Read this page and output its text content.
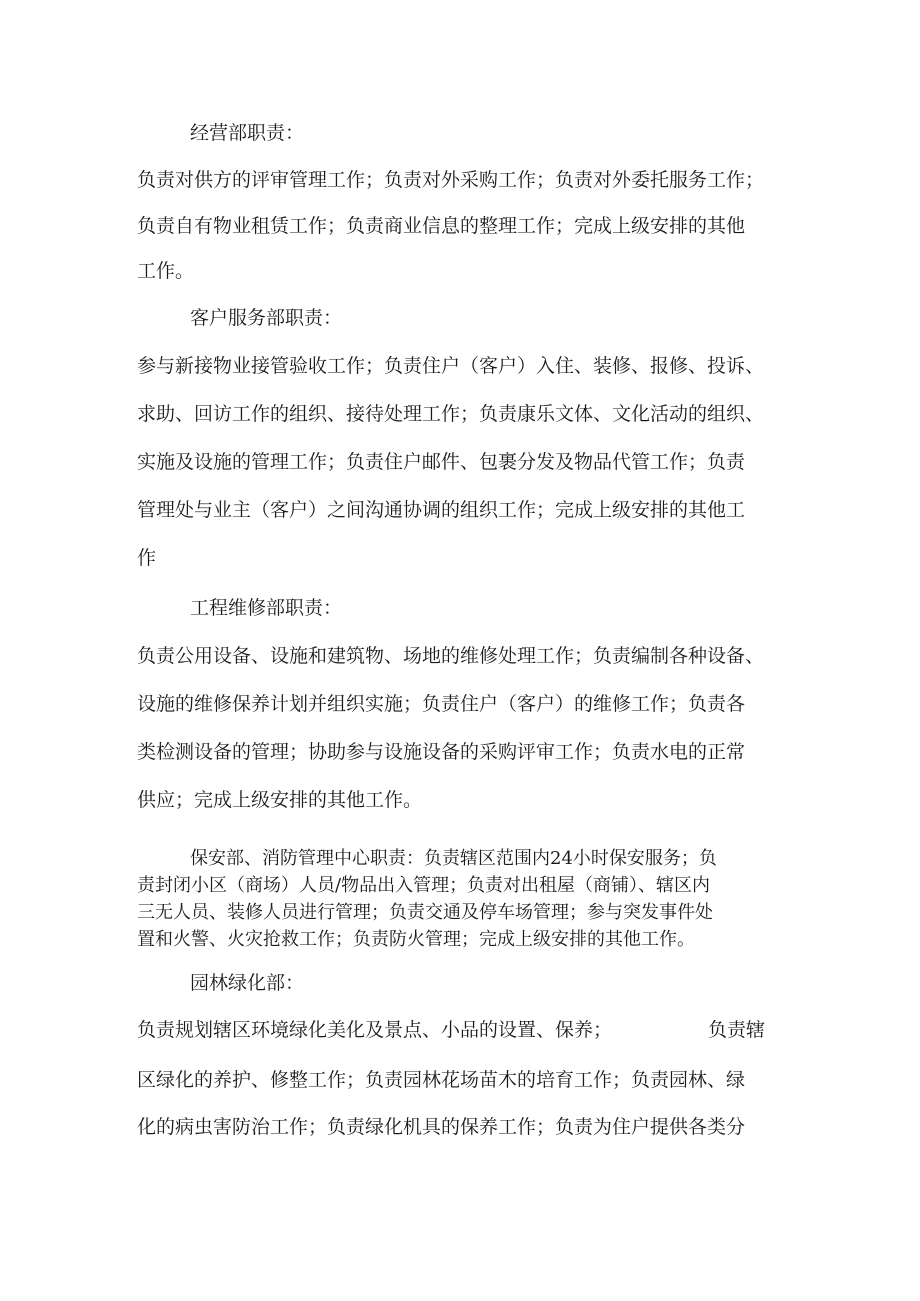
经营部职责：
负责对供方的评审管理工作；负责对外采购工作；负责对外委托服务工作；
负责自有物业租赁工作；负责商业信息的整理工作；完成上级安排的其他
工作。
客户服务部职责：
参与新接物业接管验收工作；负责住户（客户）入住、装修、报修、投诉、
求助、回访工作的组织、接待处理工作；负责康乐文体、文化活动的组织、
实施及设施的管理工作；负责住户邮件、包裹分发及物品代管工作；负责
管理处与业主（客户）之间沟通协调的组织工作；完成上级安排的其他工
作
工程维修部职责：
负责公用设备、设施和建筑物、场地的维修处理工作；负责编制各种设备、
设施的维修保养计划并组织实施；负责住户（客户）的维修工作；负责各
类检测设备的管理；协助参与设施设备的采购评审工作；负责水电的正常
供应；完成上级安排的其他工作。
保安部、消防管理中心职责：负责辖区范围内24小时保安服务；负
责封闭小区（商场）人员/物品出入管理；负责对出租屋（商铺）、辖区内
三无人员、装修人员进行管理；负责交通及停车场管理；参与突发事件处
置和火警、火灾抢救工作；负责防火管理；完成上级安排的其他工作。
园林绿化部：
负责规划辖区环境绿化美化及景点、小品的设置、保养；	负责辖
区绿化的养护、修整工作；负责园林花场苗木的培育工作；负责园林、绿
化的病虫害防治工作；负责绿化机具的保养工作；负责为住户提供各类分
